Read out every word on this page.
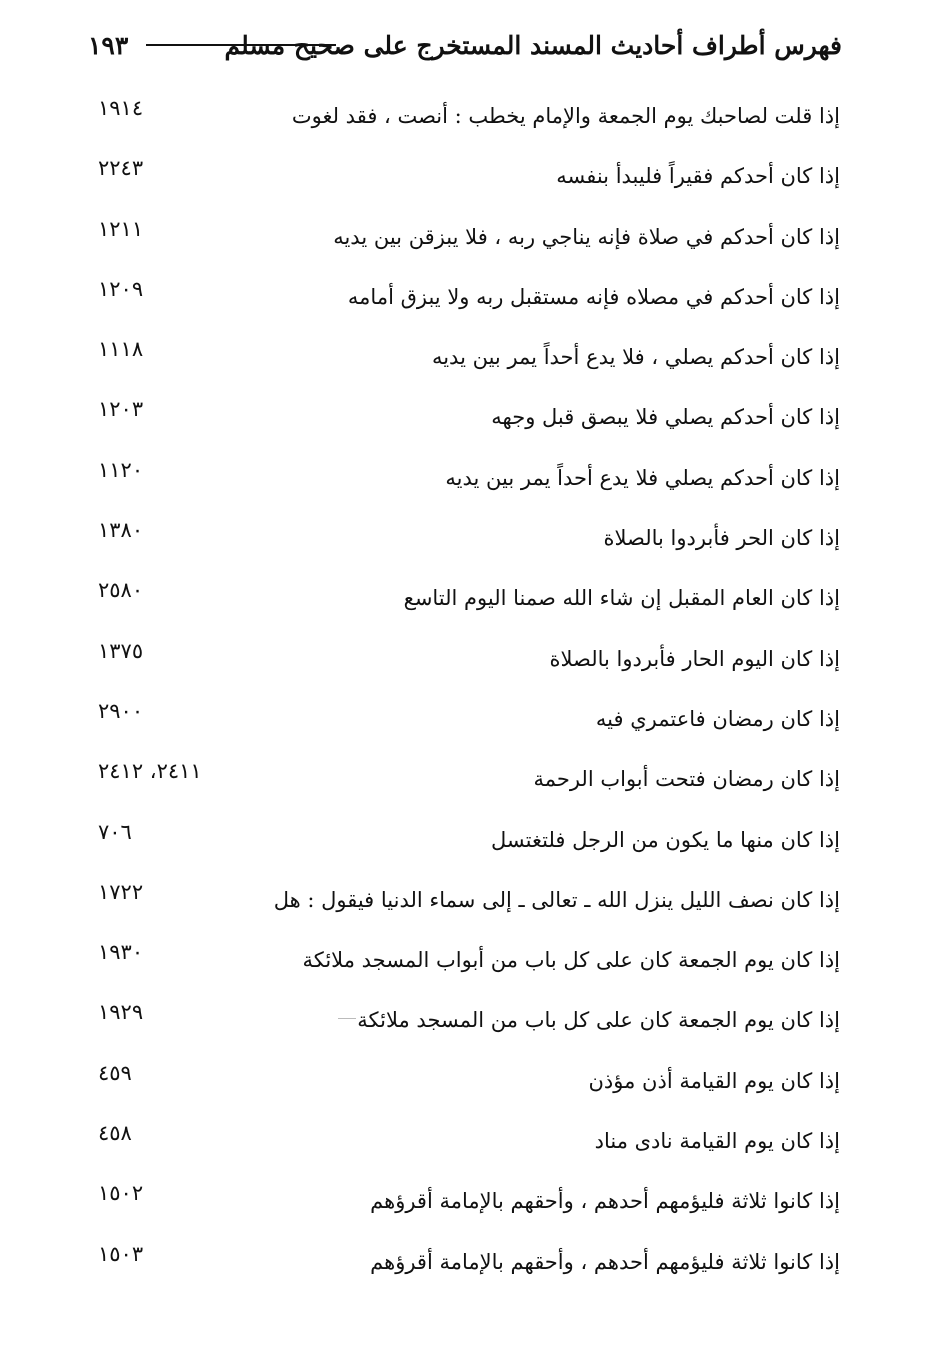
فهرس أطراف أحاديث المسند المستخرج على صحيح مسلم
١٩٣
إذا قلت لصاحبك يوم الجمعة والإمام يخطب : أنصت ، فقد لغوت
١٩١٤
إذا كان أحدكم فقيراً فليبدأ بنفسه
٢٢٤٣
إذا كان أحدكم في صلاة فإنه يناجي ربه ، فلا يبزقن بين يديه
١٢١١
إذا كان أحدكم في مصلاه فإنه مستقبل ربه ولا يبزق أمامه
١٢٠٩
إذا كان أحدكم يصلي ، فلا يدع أحداً يمر بين يديه
١١١٨
إذا كان أحدكم يصلي فلا يبصق قبل وجهه
١٢٠٣
إذا كان أحدكم يصلي فلا يدع أحداً يمر بين يديه
١١٢٠
إذا كان الحر فأبردوا بالصلاة
١٣٨٠
إذا كان العام المقبل إن شاء الله صمنا اليوم التاسع
٢٥٨٠
إذا كان اليوم الحار فأبردوا بالصلاة
١٣٧٥
إذا كان رمضان فاعتمري فيه
٢٩٠٠
إذا كان رمضان فتحت أبواب الرحمة
٢٤١١، ٢٤١٢
إذا كان منها ما يكون من الرجل فلتغتسل
٧٠٦
إذا كان نصف الليل ينزل الله ـ تعالى ـ إلى سماء الدنيا فيقول : هل
١٧٢٢
إذا كان يوم الجمعة كان على كل باب من أبواب المسجد ملائكة
١٩٣٠
إذا كان يوم الجمعة كان على كل باب من المسجد ملائكة
١٩٢٩
إذا كان يوم القيامة أذن مؤذن
٤٥٩
إذا كان يوم القيامة نادى مناد
٤٥٨
إذا كانوا ثلاثة فليؤمهم أحدهم ، وأحقهم بالإمامة أقرؤهم
١٥٠٢
إذا كانوا ثلاثة فليؤمهم أحدهم ، وأحقهم بالإمامة أقرؤهم
١٥٠٣
